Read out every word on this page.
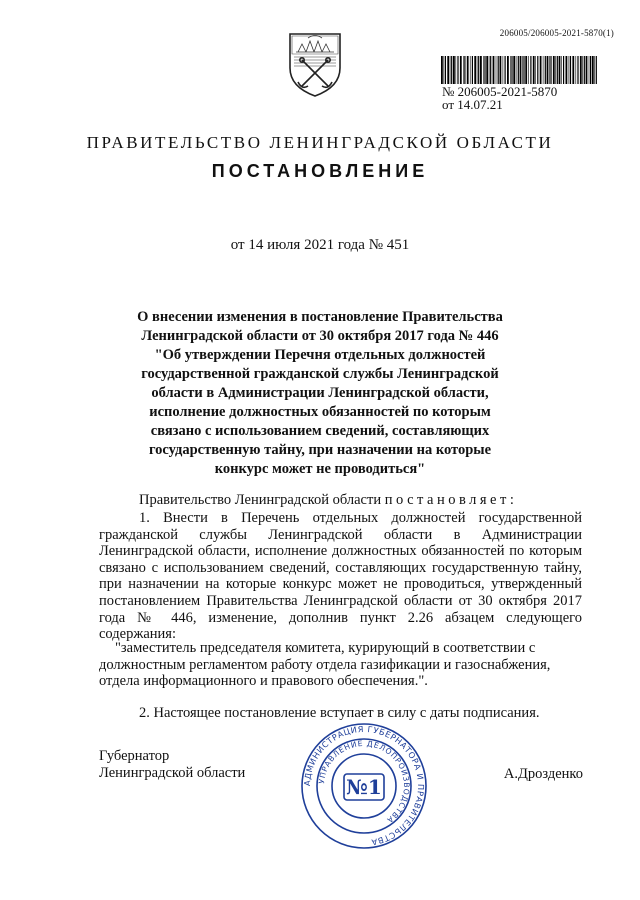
206005/206005-2021-5870(1)
№ 206005-2021-5870
от 14.07.21
ПРАВИТЕЛЬСТВО ЛЕНИНГРАДСКОЙ ОБЛАСТИ
ПОСТАНОВЛЕНИЕ
от 14 июля 2021 года № 451
О внесении изменения в постановление Правительства
Ленинградской области от 30 октября 2017 года № 446
"Об утверждении Перечня отдельных должностей
государственной гражданской службы Ленинградской
области в Администрации Ленинградской области,
исполнение должностных обязанностей по которым
связано с использованием сведений, составляющих
государственную тайну, при назначении на которые
конкурс может не проводиться"

Правительство Ленинградской области постановляет:

1. Внести в Перечень отдельных должностей государственной гражданской службы Ленинградской области в Администрации Ленинградской области, исполнение должностных обязанностей по которым связано с использованием сведений, составляющих государственную тайну, при назначении на которые конкурс может не проводиться, утвержденный постановлением Правительства Ленинградской области от 30 октября 2017 года № 446, изменение, дополнив пункт 2.26 абзацем следующего содержания:

"заместитель председателя комитета, курирующий в соответствии с должностным регламентом работу отдела газификации и газоснабжения, отдела информационного и правового обеспечения.".

2. Настоящее постановление вступает в силу с даты подписания.

Губернатор
Ленинградской области	А.Дрозденко
АДМИНИСТРАЦИЯ ГУБЕРНАТОРА И ПРАВИТЕЛЬСТВА
УПРАВЛЕНИЕ ДЕЛОПРОИЗВОДСТВА
№1
